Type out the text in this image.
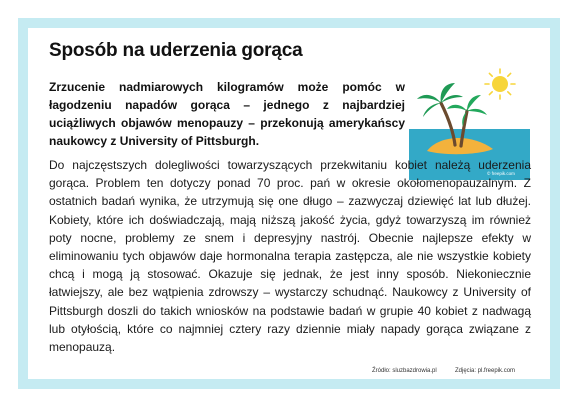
Sposób na uderzenia gorąca

Zrzucenie nadmiarowych kilogramów może pomóc w łagodzeniu napadów gorąca – jednego z najbardziej uciążliwych objawów menopauzy – przekonują amerykańscy naukowcy z University of Pittsburgh.

© freepik.com

Do najczęstszych dolegliwości towarzyszących przekwitaniu kobiet należą uderzenia gorąca. Problem ten dotyczy ponad 70 proc. pań w okresie okołomenopauzalnym. Z ostatnich badań wynika, że utrzymują się one długo – zazwyczaj dziewięć lat lub dłużej. Kobiety, które ich doświadczają, mają niższą jakość życia, gdyż towarzyszą im również poty nocne, problemy ze snem i depresyjny nastrój. Obecnie najlepsze efekty w eliminowaniu tych objawów daje hormonalna terapia zastępcza, ale nie wszystkie kobiety chcą i mogą ją stosować. Okazuje się jednak, że jest inny sposób. Niekoniecznie łatwiejszy, ale bez wątpienia zdrowszy – wystarczy schudnąć. Naukowcy z University of Pittsburgh doszli do takich wniosków na podstawie badań w grupie 40 kobiet z nadwagą lub otyłością, które co najmniej cztery razy dziennie miały napady gorąca związane z menopauzą.

Źródło: sluzbazdrowia.pl	Zdjęcia: pl.freepik.com
